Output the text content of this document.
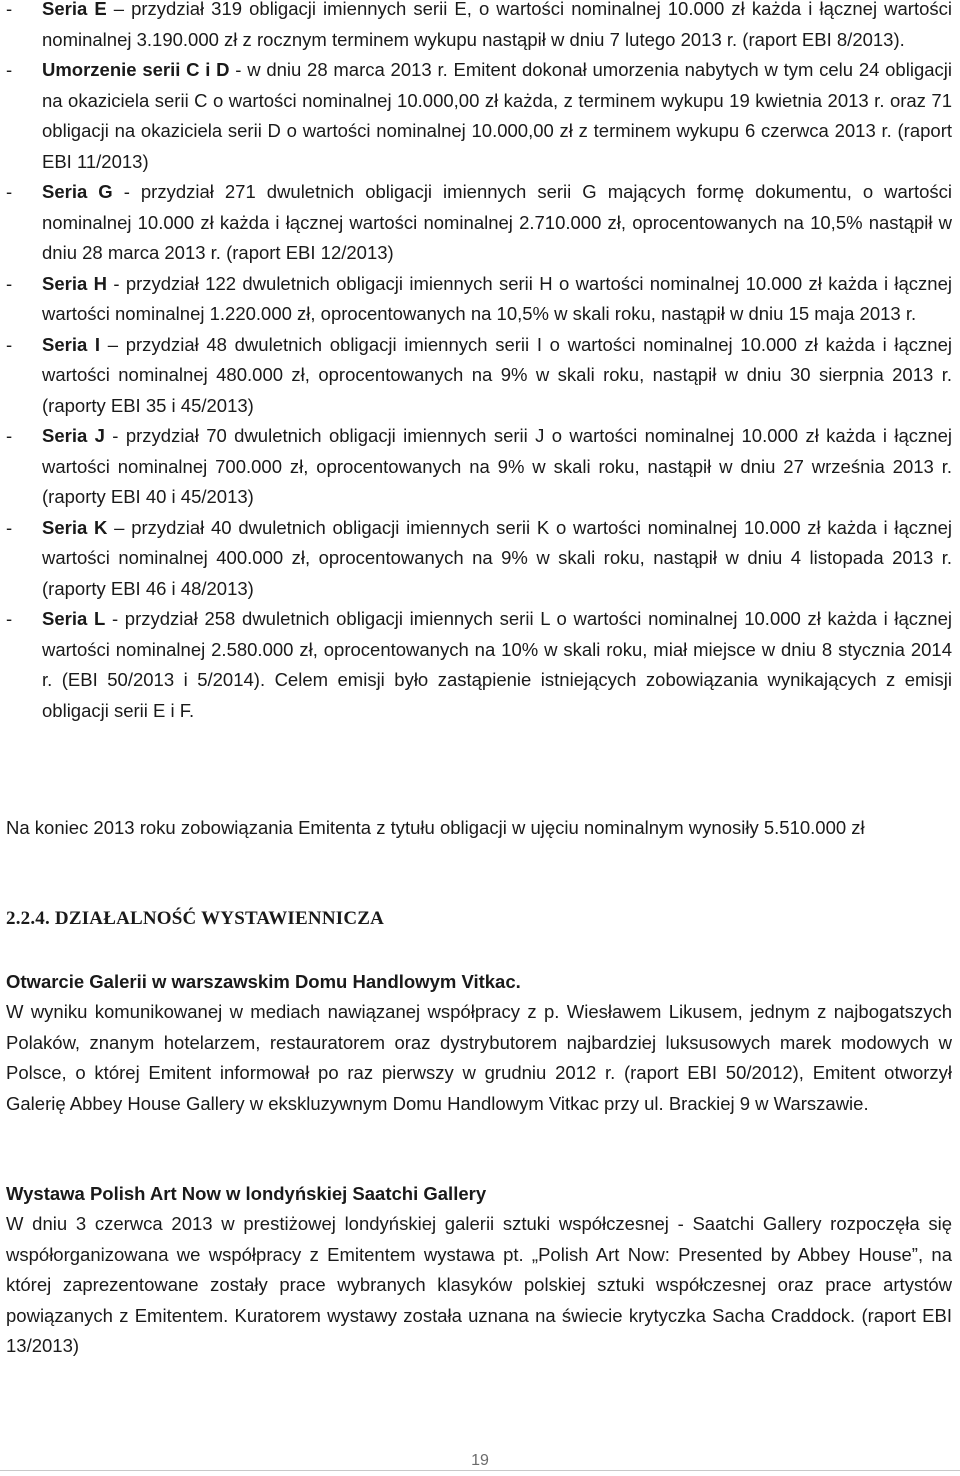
- Seria E – przydział 319 obligacji imiennych serii E, o wartości nominalnej 10.000 zł każda i łącznej wartości nominalnej 3.190.000 zł z rocznym terminem wykupu nastąpił w dniu 7 lutego 2013 r. (raport EBI 8/2013).
- Umorzenie serii C i D - w dniu 28 marca 2013 r. Emitent dokonał umorzenia nabytych w tym celu 24 obligacji na okaziciela serii C o wartości nominalnej 10.000,00 zł każda, z terminem wykupu 19 kwietnia 2013 r. oraz 71 obligacji na okaziciela serii D o wartości nominalnej 10.000,00 zł z terminem wykupu 6 czerwca 2013 r. (raport EBI 11/2013)
- Seria G - przydział 271 dwuletnich obligacji imiennych serii G mających formę dokumentu, o wartości nominalnej 10.000 zł każda i łącznej wartości nominalnej 2.710.000 zł, oprocentowanych na 10,5% nastąpił w dniu 28 marca 2013 r. (raport EBI 12/2013)
- Seria H - przydział 122 dwuletnich obligacji imiennych serii H o wartości nominalnej 10.000 zł każda i łącznej wartości nominalnej 1.220.000 zł, oprocentowanych na 10,5% w skali roku, nastąpił w dniu 15 maja 2013 r.
- Seria I – przydział 48 dwuletnich obligacji imiennych serii I o wartości nominalnej 10.000 zł każda i łącznej wartości nominalnej 480.000 zł, oprocentowanych na 9% w skali roku, nastąpił w dniu 30 sierpnia 2013 r. (raporty EBI 35 i 45/2013)
- Seria J - przydział 70 dwuletnich obligacji imiennych serii J o wartości nominalnej 10.000 zł każda i łącznej wartości nominalnej 700.000 zł, oprocentowanych na 9% w skali roku, nastąpił w dniu 27 września 2013 r. (raporty EBI 40 i 45/2013)
- Seria K – przydział 40 dwuletnich obligacji imiennych serii K o wartości nominalnej 10.000 zł każda i łącznej wartości nominalnej 400.000 zł, oprocentowanych na 9% w skali roku, nastąpił w dniu 4 listopada 2013 r. (raporty EBI 46 i 48/2013)
- Seria L - przydział 258 dwuletnich obligacji imiennych serii L o wartości nominalnej 10.000 zł każda i łącznej wartości nominalnej 2.580.000 zł, oprocentowanych na 10% w skali roku, miał miejsce w dniu 8 stycznia 2014 r. (EBI 50/2013 i 5/2014). Celem emisji było zastąpienie istniejących zobowiązania wynikających z emisji obligacji serii E i F.

Na koniec 2013 roku zobowiązania Emitenta z tytułu obligacji w ujęciu nominalnym wynosiły 5.510.000 zł

2.2.4. DZIAŁALNOŚĆ WYSTAWIENNICZA

Otwarcie Galerii w warszawskim Domu Handlowym Vitkac.

W wyniku komunikowanej w mediach nawiązanej współpracy z p. Wiesławem Likusem, jednym z najbogatszych Polaków, znanym hotelarzem, restauratorem oraz dystrybutorem najbardziej luksusowych marek modowych w Polsce, o której Emitent informował po raz pierwszy w grudniu 2012 r. (raport EBI 50/2012), Emitent otworzył Galerię Abbey House Gallery w ekskluzywnym Domu Handlowym Vitkac przy ul. Brackiej 9 w Warszawie.

Wystawa Polish Art Now w londyńskiej Saatchi Gallery

W dniu 3 czerwca 2013 w prestiżowej londyńskiej galerii sztuki współczesnej - Saatchi Gallery rozpoczęła się współorganizowana we współpracy z Emitentem wystawa pt. „Polish Art Now: Presented by Abbey House”, na której zaprezentowane zostały prace wybranych klasyków polskiej sztuki współczesnej oraz prace artystów powiązanych z Emitentem. Kuratorem wystawy została uznana na świecie krytyczka Sacha Craddock. (raport EBI 13/2013)

19
